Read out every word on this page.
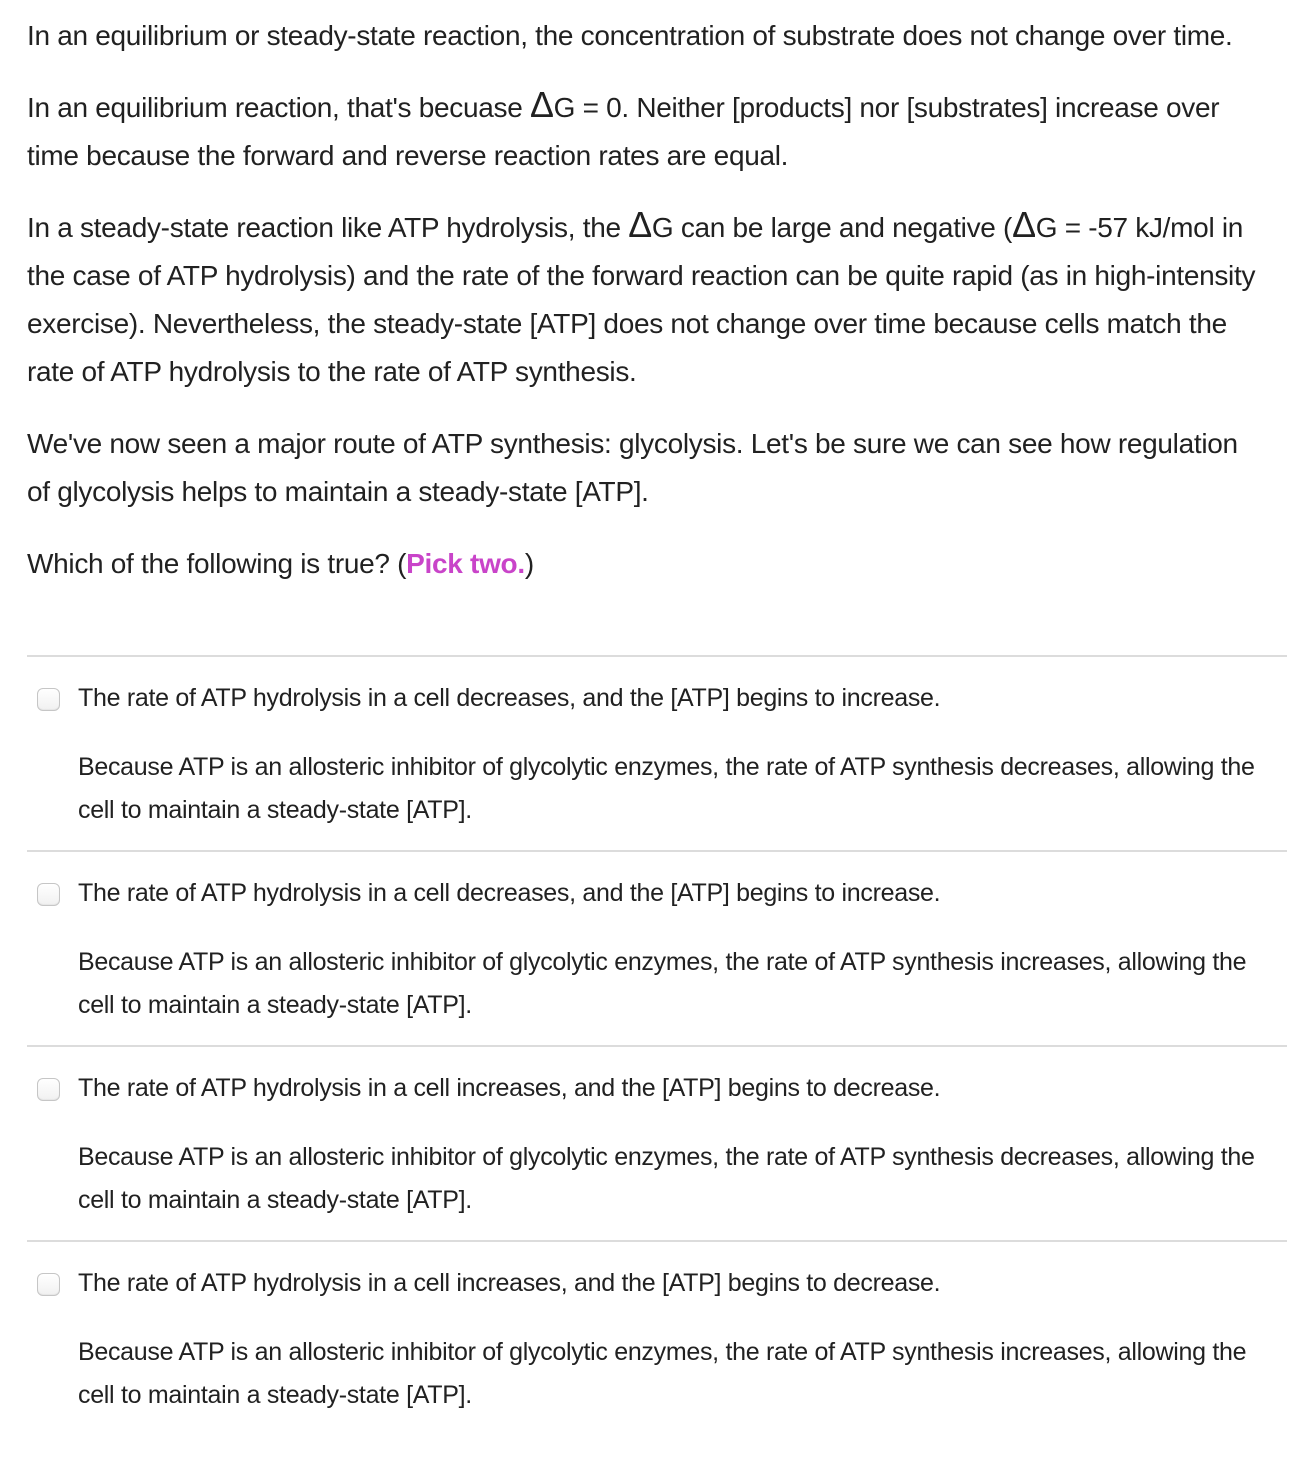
In an equilibrium or steady-state reaction, the concentration of substrate does not change over time.

In an equilibrium reaction, that's becuase ΔG = 0. Neither [products] nor [substrates] increase over time because the forward and reverse reaction rates are equal.

In a steady-state reaction like ATP hydrolysis, the ΔG can be large and negative (ΔG = -57 kJ/mol in the case of ATP hydrolysis) and the rate of the forward reaction can be quite rapid (as in high-intensity exercise). Nevertheless, the steady-state [ATP] does not change over time because cells match the rate of ATP hydrolysis to the rate of ATP synthesis.

We've now seen a major route of ATP synthesis: glycolysis. Let's be sure we can see how regulation of glycolysis helps to maintain a steady-state [ATP].

Which of the following is true? (Pick two.)

The rate of ATP hydrolysis in a cell decreases, and the [ATP] begins to increase.

Because ATP is an allosteric inhibitor of glycolytic enzymes, the rate of ATP synthesis decreases, allowing the cell to maintain a steady-state [ATP].

The rate of ATP hydrolysis in a cell decreases, and the [ATP] begins to increase.

Because ATP is an allosteric inhibitor of glycolytic enzymes, the rate of ATP synthesis increases, allowing the cell to maintain a steady-state [ATP].

The rate of ATP hydrolysis in a cell increases, and the [ATP] begins to decrease.

Because ATP is an allosteric inhibitor of glycolytic enzymes, the rate of ATP synthesis decreases, allowing the cell to maintain a steady-state [ATP].

The rate of ATP hydrolysis in a cell increases, and the [ATP] begins to decrease.

Because ATP is an allosteric inhibitor of glycolytic enzymes, the rate of ATP synthesis increases, allowing the cell to maintain a steady-state [ATP].
